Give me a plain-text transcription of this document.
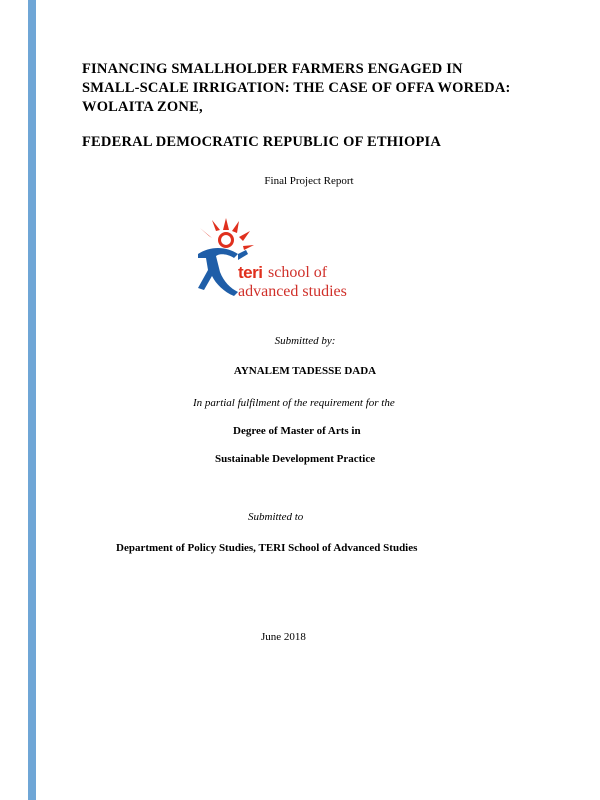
FINANCING SMALLHOLDER FARMERS ENGAGED IN
SMALL-SCALE IRRIGATION: THE CASE OF OFFA WOREDA:
WOLAITA ZONE,
FEDERAL DEMOCRATIC REPUBLIC OF ETHIOPIA
Final Project Report
teri school of
advanced studies
Submitted by:
AYNALEM TADESSE DADA
In partial fulfilment of the requirement for the
Degree of Master of Arts in
Sustainable Development Practice
Submitted to
Department of Policy Studies, TERI School of Advanced Studies
June 2018
